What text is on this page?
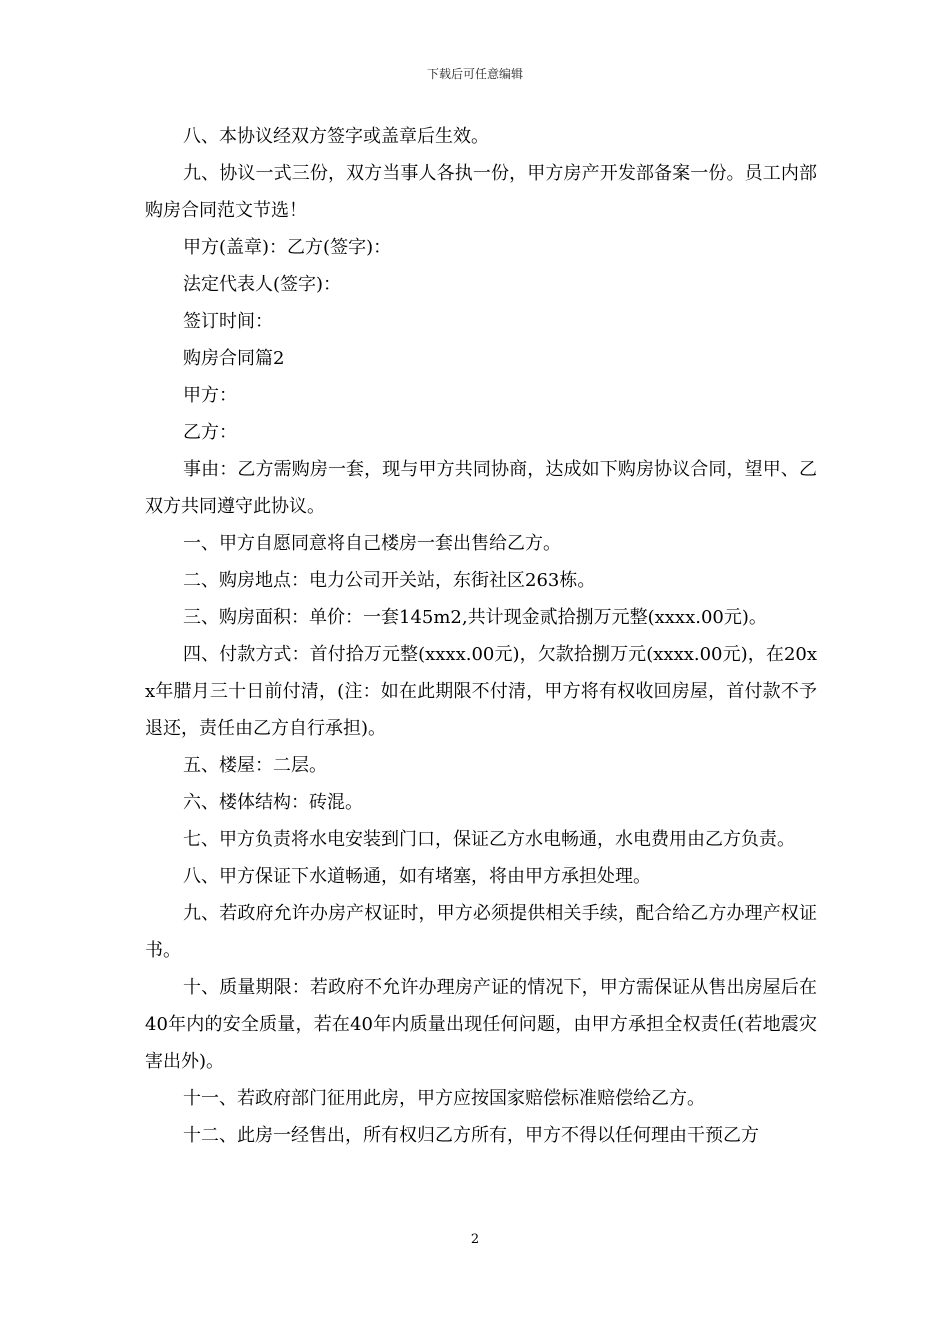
下载后可任意编辑

八、本协议经双方签字或盖章后生效。

九、协议一式三份，双方当事人各执一份，甲方房产开发部备案一份。员工内部购房合同范文节选！

甲方(盖章)：乙方(签字)：

法定代表人(签字)：

签订时间：

购房合同篇2

甲方：

乙方：

事由：乙方需购房一套，现与甲方共同协商，达成如下购房协议合同，望甲、乙双方共同遵守此协议。

一、甲方自愿同意将自己楼房一套出售给乙方。

二、购房地点：电力公司开关站，东街社区263栋。

三、购房面积：单价：一套145m2,共计现金贰拾捌万元整(xxxx.00元)。

四、付款方式：首付拾万元整(xxxx.00元)，欠款拾捌万元(xxxx.00元)，在20xx年腊月三十日前付清，(注：如在此期限不付清，甲方将有权收回房屋，首付款不予退还，责任由乙方自行承担)。

五、楼屋：二层。

六、楼体结构：砖混。

七、甲方负责将水电安装到门口，保证乙方水电畅通，水电费用由乙方负责。

八、甲方保证下水道畅通，如有堵塞，将由甲方承担处理。

九、若政府允许办房产权证时，甲方必须提供相关手续，配合给乙方办理产权证书。

十、质量期限：若政府不允许办理房产证的情况下，甲方需保证从售出房屋后在40年内的安全质量，若在40年内质量出现任何问题，由甲方承担全权责任(若地震灾害出外)。

十一、若政府部门征用此房，甲方应按国家赔偿标准赔偿给乙方。

十二、此房一经售出，所有权归乙方所有，甲方不得以任何理由干预乙方

2
